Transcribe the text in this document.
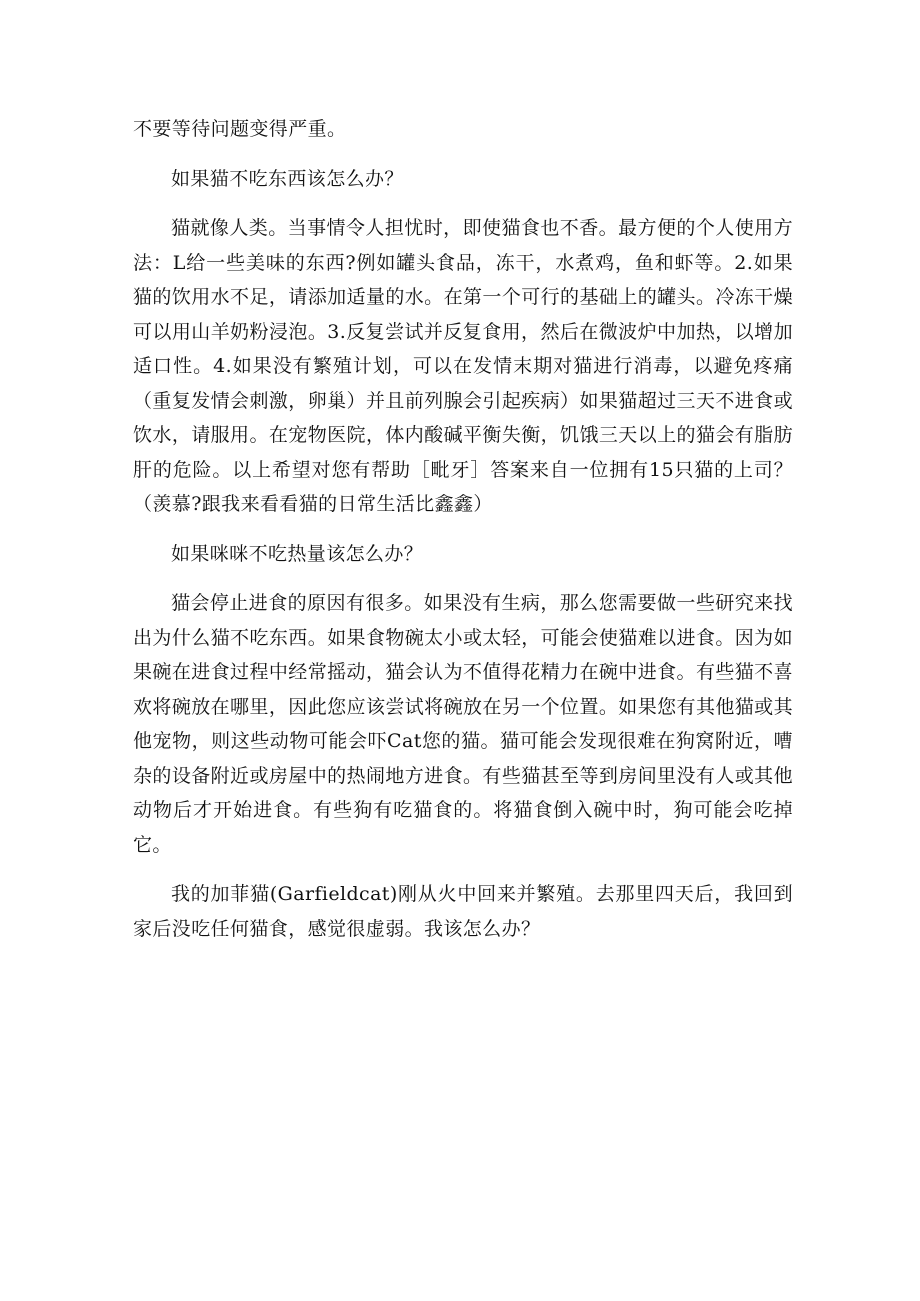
不要等待问题变得严重。

如果猫不吃东西该怎么办？

猫就像人类。当事情令人担忧时，即使猫食也不香。最方便的个人使用方法：L给一些美味的东西?例如罐头食品，冻干，水煮鸡，鱼和虾等。2.如果猫的饮用水不足，请添加适量的水。在第一个可行的基础上的罐头。冷冻干燥可以用山羊奶粉浸泡。3.反复尝试并反复食用，然后在微波炉中加热，以增加适口性。4.如果没有繁殖计划，可以在发情末期对猫进行消毒，以避免疼痛（重复发情会刺激，卵巢）并且前列腺会引起疾病）如果猫超过三天不进食或饮水，请服用。在宠物医院，体内酸碱平衡失衡，饥饿三天以上的猫会有脂肪肝的危险。以上希望对您有帮助［毗牙］答案来自一位拥有15只猫的上司？（羡慕?跟我来看看猫的日常生活比鑫鑫）

如果咪咪不吃热量该怎么办？

猫会停止进食的原因有很多。如果没有生病，那么您需要做一些研究来找出为什么猫不吃东西。如果食物碗太小或太轻，可能会使猫难以进食。因为如果碗在进食过程中经常摇动，猫会认为不值得花精力在碗中进食。有些猫不喜欢将碗放在哪里，因此您应该尝试将碗放在另一个位置。如果您有其他猫或其他宠物，则这些动物可能会吓Cat您的猫。猫可能会发现很难在狗窝附近，嘈杂的设备附近或房屋中的热闹地方进食。有些猫甚至等到房间里没有人或其他动物后才开始进食。有些狗有吃猫食的。将猫食倒入碗中时，狗可能会吃掉它。

我的加菲猫(Garfieldcat)刚从火中回来并繁殖。去那里四天后，我回到家后没吃任何猫食，感觉很虚弱。我该怎么办？
